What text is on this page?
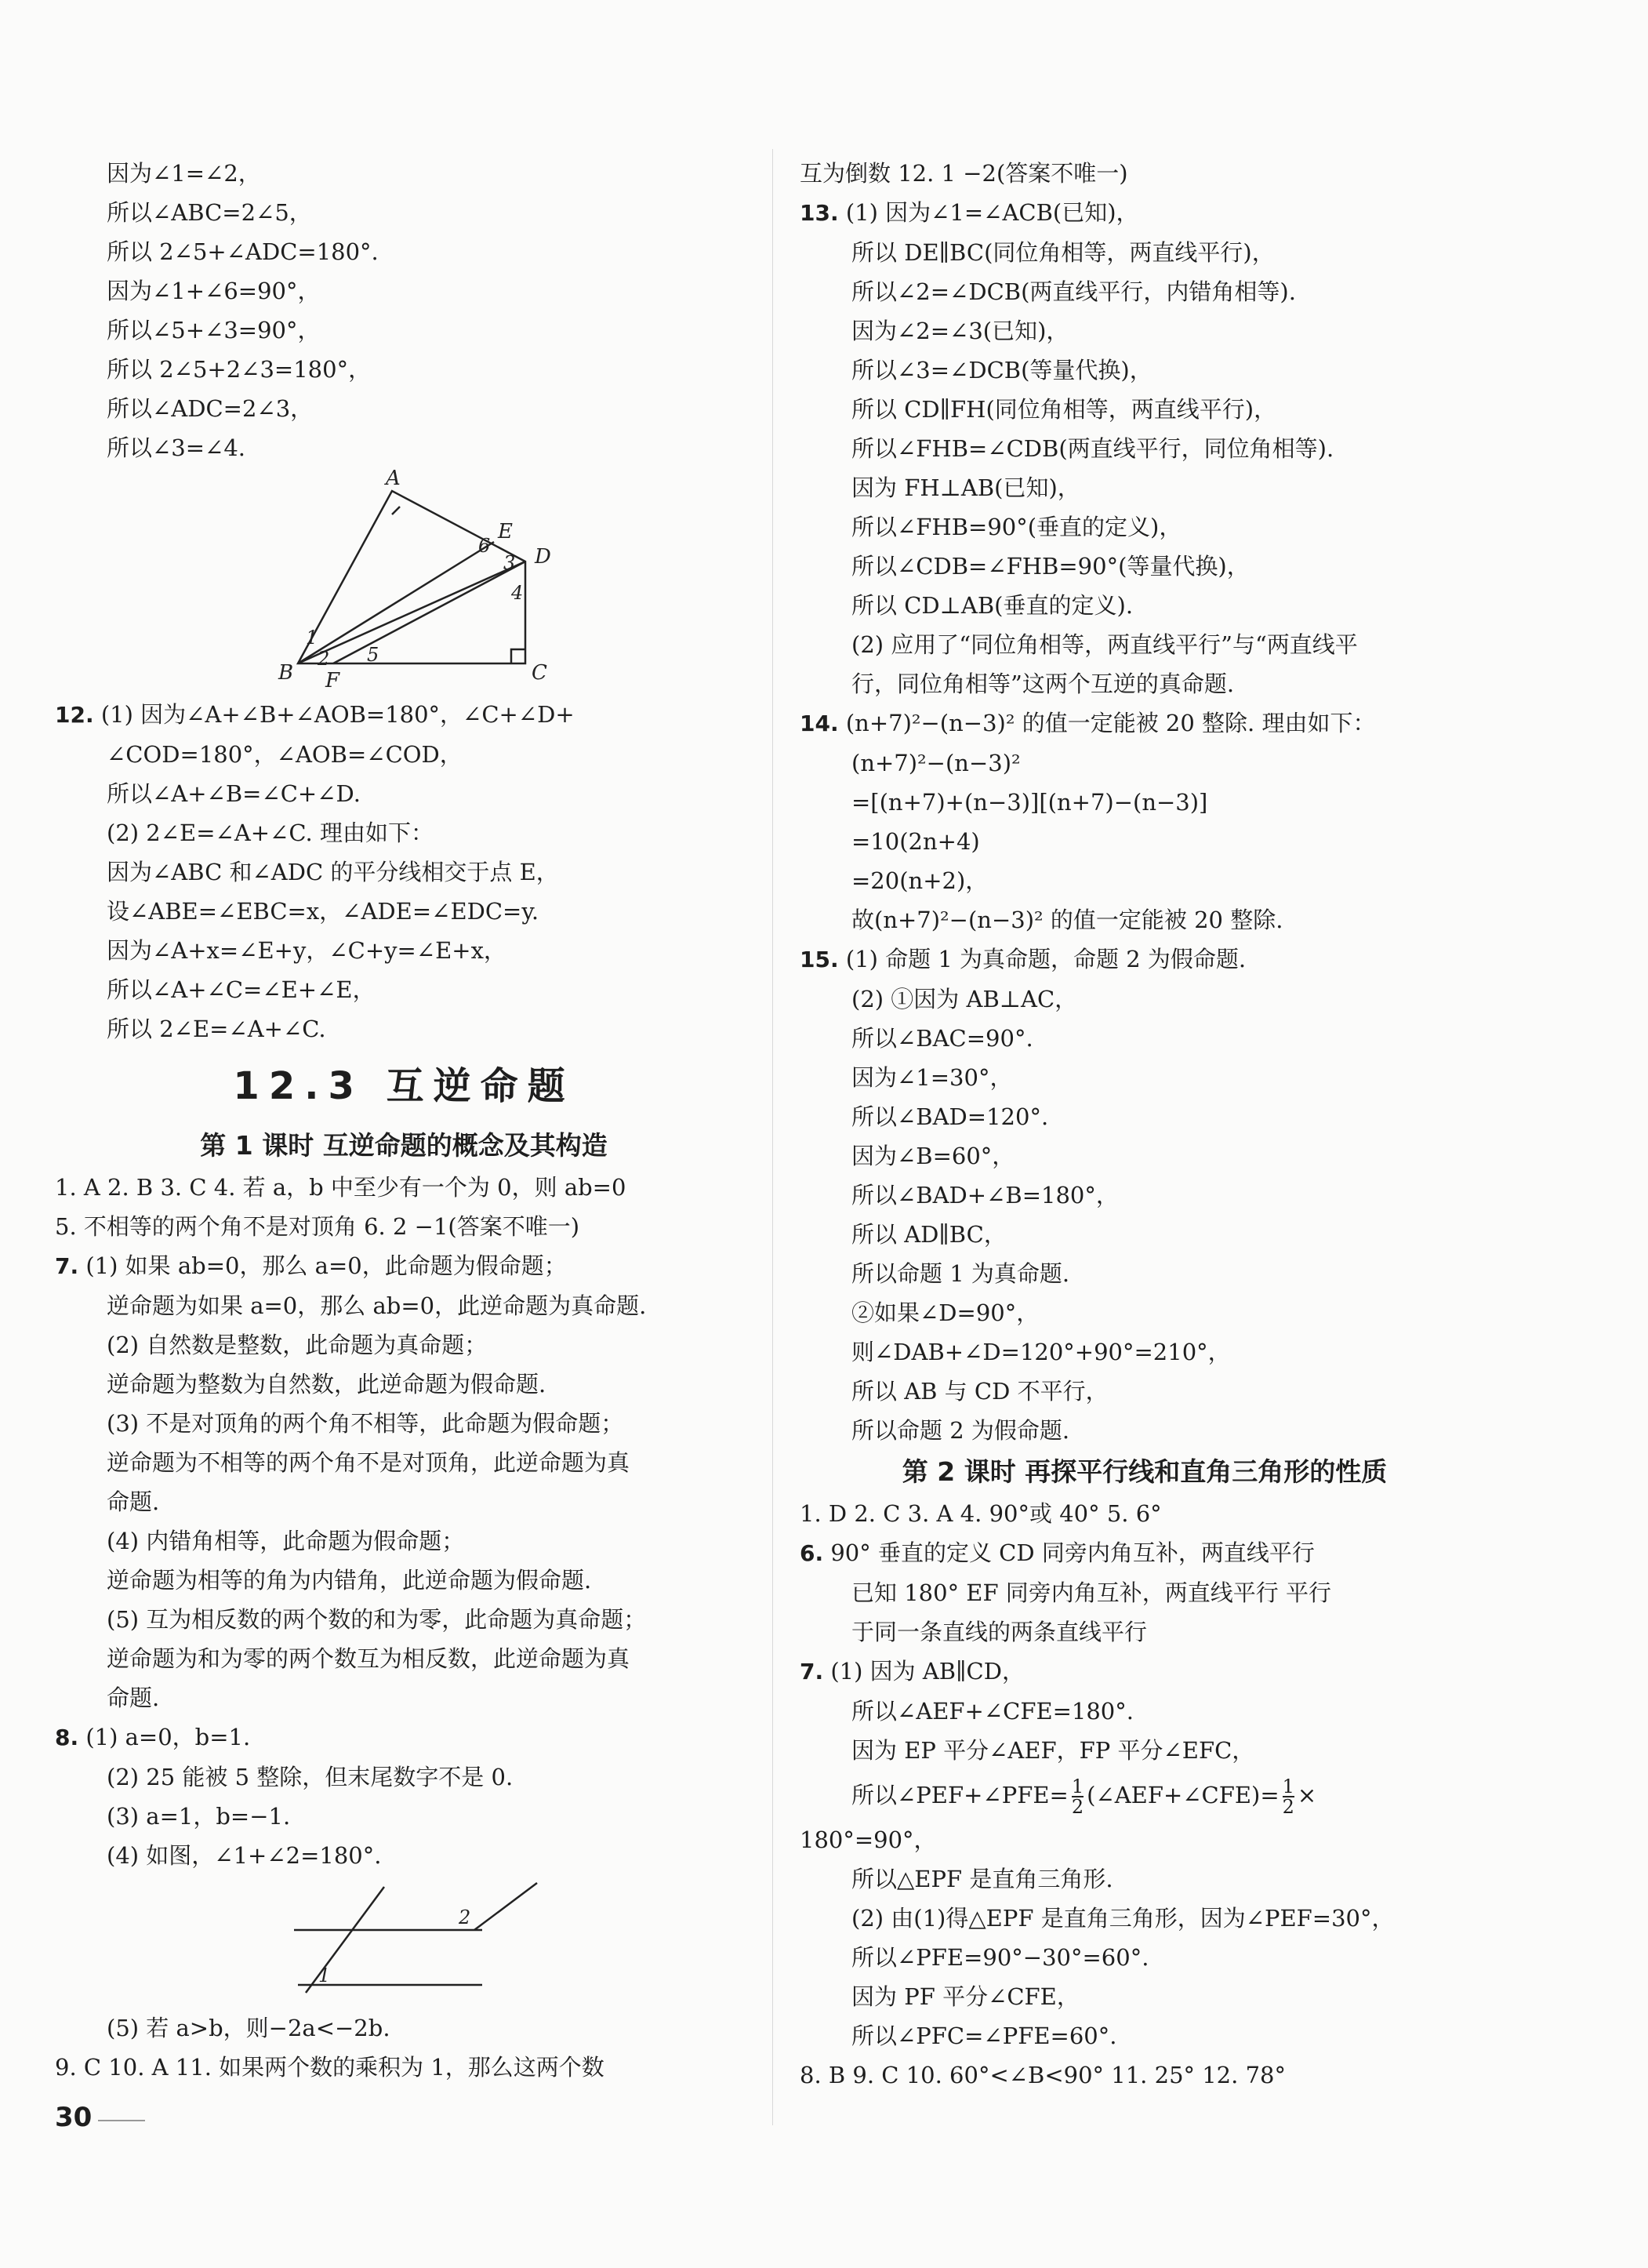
因为∠1=∠2，
所以∠ABC=2∠5，
所以 2∠5+∠ADC=180°.
因为∠1+∠6=90°，
所以∠5+∠3=90°，
所以 2∠5+2∠3=180°，
所以∠ADC=2∠3，
所以∠3=∠4.
A
B	C
D
E
F
1
2
3
4
5
6
12. (1) 因为∠A+∠B+∠AOB=180°，∠C+∠D+
∠COD=180°，∠AOB=∠COD，
所以∠A+∠B=∠C+∠D.
(2) 2∠E=∠A+∠C. 理由如下：
因为∠ABC 和∠ADC 的平分线相交于点 E，
设∠ABE=∠EBC=x，∠ADE=∠EDC=y.
因为∠A+x=∠E+y，∠C+y=∠E+x，
所以∠A+∠C=∠E+∠E，
所以 2∠E=∠A+∠C.
12.3 互逆命题
第 1 课时 互逆命题的概念及其构造
1. A 2. B 3. C 4. 若 a，b 中至少有一个为 0，则 ab=0
5. 不相等的两个角不是对顶角 6. 2 −1(答案不唯一)
7. (1) 如果 ab=0，那么 a=0，此命题为假命题；
逆命题为如果 a=0，那么 ab=0，此逆命题为真命题.
(2) 自然数是整数，此命题为真命题；
逆命题为整数为自然数，此逆命题为假命题.
(3) 不是对顶角的两个角不相等，此命题为假命题；
逆命题为不相等的两个角不是对顶角，此逆命题为真
命题.
(4) 内错角相等，此命题为假命题；
逆命题为相等的角为内错角，此逆命题为假命题.
(5) 互为相反数的两个数的和为零，此命题为真命题；
逆命题为和为零的两个数互为相反数，此逆命题为真
命题.
8. (1) a=0，b=1.
(2) 25 能被 5 整除，但末尾数字不是 0.
(3) a=1，b=−1.
(4) 如图，∠1+∠2=180°.
1
2
(5) 若 a>b，则−2a<−2b.
9. C 10. A 11. 如果两个数的乘积为 1，那么这两个数
互为倒数 12. 1 −2(答案不唯一)
13. (1) 因为∠1=∠ACB(已知)，
所以 DE∥BC(同位角相等，两直线平行)，
所以∠2=∠DCB(两直线平行，内错角相等).
因为∠2=∠3(已知)，
所以∠3=∠DCB(等量代换)，
所以 CD∥FH(同位角相等，两直线平行)，
所以∠FHB=∠CDB(两直线平行，同位角相等).
因为 FH⊥AB(已知)，
所以∠FHB=90°(垂直的定义)，
所以∠CDB=∠FHB=90°(等量代换)，
所以 CD⊥AB(垂直的定义).
(2) 应用了“同位角相等，两直线平行”与“两直线平
行，同位角相等”这两个互逆的真命题.
14. (n+7)²−(n−3)² 的值一定能被 20 整除. 理由如下：
(n+7)²−(n−3)²
=[(n+7)+(n−3)][(n+7)−(n−3)]
=10(2n+4)
=20(n+2)，
故(n+7)²−(n−3)² 的值一定能被 20 整除.
15. (1) 命题 1 为真命题，命题 2 为假命题.
(2) ①因为 AB⊥AC，
所以∠BAC=90°.
因为∠1=30°，
所以∠BAD=120°.
因为∠B=60°，
所以∠BAD+∠B=180°，
所以 AD∥BC，
所以命题 1 为真命题.
②如果∠D=90°，
则∠DAB+∠D=120°+90°=210°，
所以 AB 与 CD 不平行，
所以命题 2 为假命题.
第 2 课时 再探平行线和直角三角形的性质
1. D 2. C 3. A 4. 90°或 40° 5. 6°
6. 90° 垂直的定义 CD 同旁内角互补，两直线平行
已知 180° EF 同旁内角互补，两直线平行 平行
于同一条直线的两条直线平行
7. (1) 因为 AB∥CD，
所以∠AEF+∠CFE=180°.
因为 EP 平分∠AEF，FP 平分∠EFC，
所以∠PEF+∠PFE= $\frac{1}{2}$ (∠AEF+∠CFE)= $\frac{1}{2}$ ×
180°=90°，
所以△EPF 是直角三角形.
(2) 由(1)得△EPF 是直角三角形，因为∠PEF=30°，
所以∠PFE=90°−30°=60°.
因为 PF 平分∠CFE，
所以∠PFC=∠PFE=60°.
8. B 9. C 10. 60°<∠B<90° 11. 25° 12. 78°
30
